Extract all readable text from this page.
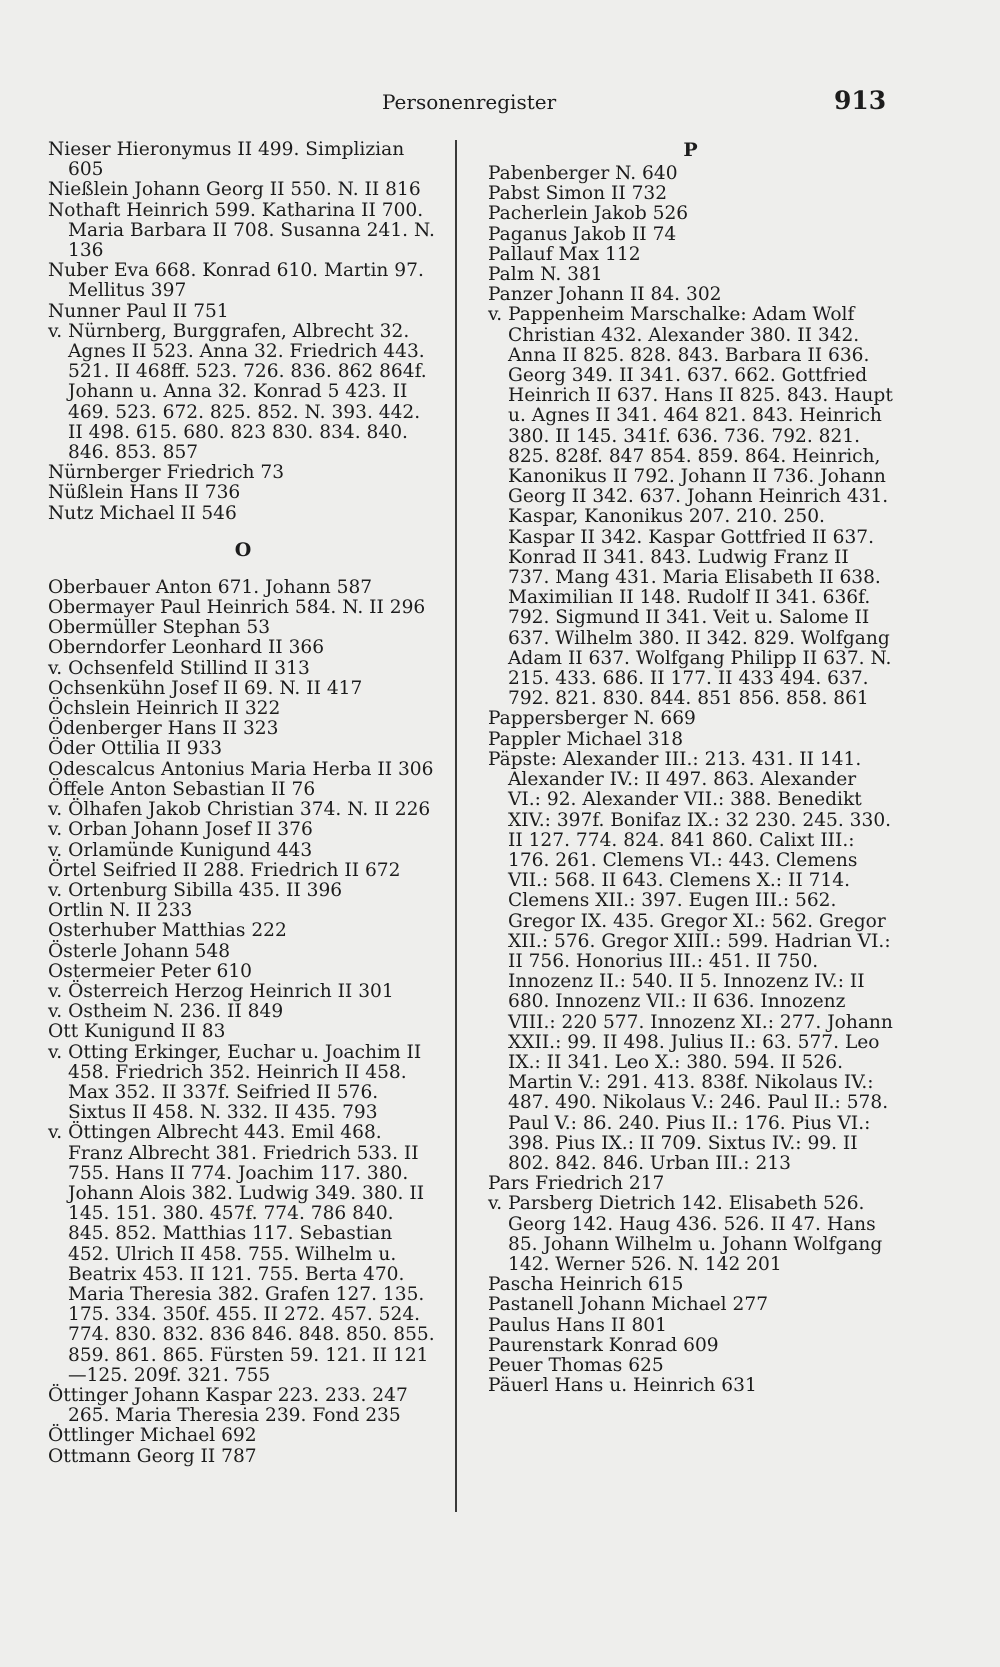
Personenregister	913

Nieser Hieronymus II 499. Simplizian 605

Nießlein Johann Georg II 550. N. II 816

Nothaft Heinrich 599. Katharina II 700. Maria Barbara II 708. Susanna 241. N. 136

Nuber Eva 668. Konrad 610. Martin 97. Mellitus 397

Nunner Paul II 751

v. Nürnberg, Burggrafen, Albrecht 32. Agnes II 523. Anna 32. Friedrich 443. 521. II 468ff. 523. 726. 836. 862 864f. Johann u. Anna 32. Konrad 5 423. II 469. 523. 672. 825. 852. N. 393. 442. II 498. 615. 680. 823 830. 834. 840. 846. 853. 857

Nürnberger Friedrich 73

Nüßlein Hans II 736

Nutz Michael II 546

O

Oberbauer Anton 671. Johann 587

Obermayer Paul Heinrich 584. N. II 296

Obermüller Stephan 53

Oberndorfer Leonhard II 366

v. Ochsenfeld Stillind II 313

Ochsenkühn Josef II 69. N. II 417

Öchslein Heinrich II 322

Ödenberger Hans II 323

Öder Ottilia II 933

Odescalcus Antonius Maria Herba II 306

Öffele Anton Sebastian II 76

v. Ölhafen Jakob Christian 374. N. II 226

v. Orban Johann Josef II 376

v. Orlamünde Kunigund 443

Örtel Seifried II 288. Friedrich II 672

v. Ortenburg Sibilla 435. II 396

Ortlin N. II 233

Osterhuber Matthias 222

Österle Johann 548

Ostermeier Peter 610

v. Österreich Herzog Heinrich II 301

v. Ostheim N. 236. II 849

Ott Kunigund II 83

v. Otting Erkinger, Euchar u. Joachim II 458. Friedrich 352. Heinrich II 458. Max 352. II 337f. Seifried II 576. Sixtus II 458. N. 332. II 435. 793

v. Öttingen Albrecht 443. Emil 468. Franz Albrecht 381. Friedrich 533. II 755. Hans II 774. Joachim 117. 380. Johann Alois 382. Ludwig 349. 380. II 145. 151. 380. 457f. 774. 786 840. 845. 852. Matthias 117. Sebastian 452. Ulrich II 458. 755. Wilhelm u. Beatrix 453. II 121. 755. Berta 470. Maria Theresia 382. Grafen 127. 135. 175. 334. 350f. 455. II 272. 457. 524. 774. 830. 832. 836 846. 848. 850. 855. 859. 861. 865. Fürsten 59. 121. II 121—125. 209f. 321. 755

Öttinger Johann Kaspar 223. 233. 247 265. Maria Theresia 239. Fond 235

Öttlinger Michael 692

Ottmann Georg II 787

P

Pabenberger N. 640

Pabst Simon II 732

Pacherlein Jakob 526

Paganus Jakob II 74

Pallauf Max 112

Palm N. 381

Panzer Johann II 84. 302

v. Pappenheim Marschalke: Adam Wolf Christian 432. Alexander 380. II 342. Anna II 825. 828. 843. Barbara II 636. Georg 349. II 341. 637. 662. Gottfried Heinrich II 637. Hans II 825. 843. Haupt u. Agnes II 341. 464 821. 843. Heinrich 380. II 145. 341f. 636. 736. 792. 821. 825. 828f. 847 854. 859. 864. Heinrich, Kanonikus II 792. Johann II 736. Johann Georg II 342. 637. Johann Heinrich 431. Kaspar, Kanonikus 207. 210. 250. Kaspar II 342. Kaspar Gottfried II 637. Konrad II 341. 843. Ludwig Franz II 737. Mang 431. Maria Elisabeth II 638. Maximilian II 148. Rudolf II 341. 636f. 792. Sigmund II 341. Veit u. Salome II 637. Wilhelm 380. II 342. 829. Wolfgang Adam II 637. Wolfgang Philipp II 637. N. 215. 433. 686. II 177. II 433 494. 637. 792. 821. 830. 844. 851 856. 858. 861

Pappersberger N. 669

Pappler Michael 318

Päpste: Alexander III.: 213. 431. II 141. Alexander IV.: II 497. 863. Alexander VI.: 92. Alexander VII.: 388. Benedikt XIV.: 397f. Bonifaz IX.: 32 230. 245. 330. II 127. 774. 824. 841 860. Calixt III.: 176. 261. Clemens VI.: 443. Clemens VII.: 568. II 643. Clemens X.: II 714. Clemens XII.: 397. Eugen III.: 562. Gregor IX. 435. Gregor XI.: 562. Gregor XII.: 576. Gregor XIII.: 599. Hadrian VI.: II 756. Honorius III.: 451. II 750. Innozenz II.: 540. II 5. Innozenz IV.: II 680. Innozenz VII.: II 636. Innozenz VIII.: 220 577. Innozenz XI.: 277. Johann XXII.: 99. II 498. Julius II.: 63. 577. Leo IX.: II 341. Leo X.: 380. 594. II 526. Martin V.: 291. 413. 838f. Nikolaus IV.: 487. 490. Nikolaus V.: 246. Paul II.: 578. Paul V.: 86. 240. Pius II.: 176. Pius VI.: 398. Pius IX.: II 709. Sixtus IV.: 99. II 802. 842. 846. Urban III.: 213

Pars Friedrich 217

v. Parsberg Dietrich 142. Elisabeth 526. Georg 142. Haug 436. 526. II 47. Hans 85. Johann Wilhelm u. Johann Wolfgang 142. Werner 526. N. 142 201

Pascha Heinrich 615

Pastanell Johann Michael 277

Paulus Hans II 801

Paurenstark Konrad 609

Peuer Thomas 625

Päuerl Hans u. Heinrich 631
